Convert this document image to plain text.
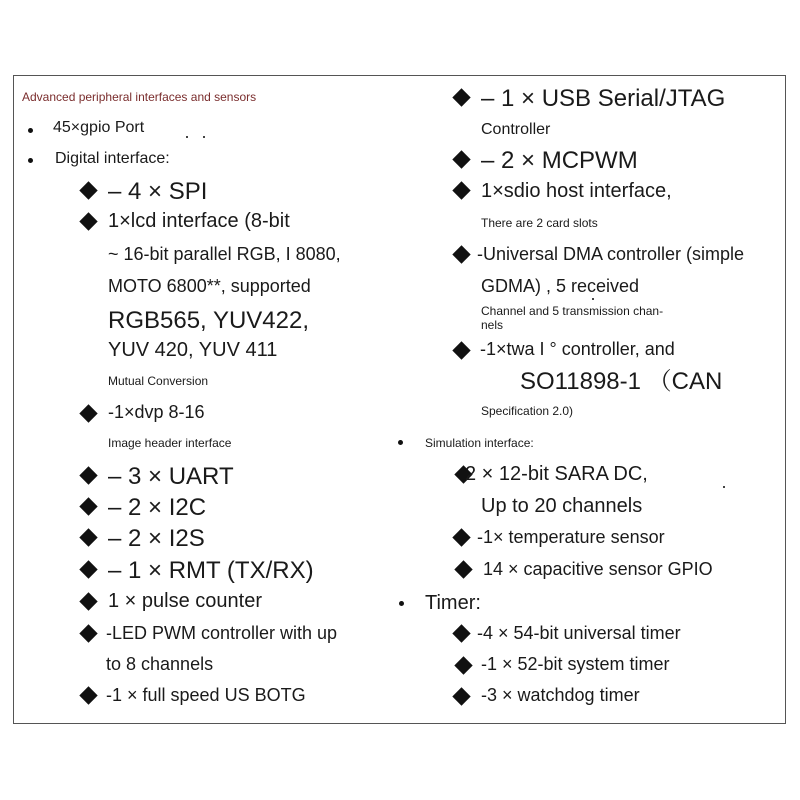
Advanced peripheral interfaces and sensors
45×gpio Port
Digital interface:
– 4 × SPI
1×lcd interface (8-bit
~ 16-bit parallel RGB, I 8080,
MOTO 6800**, supported
RGB565, YUV422,
YUV 420, YUV 411
Mutual Conversion
-1×dvp 8-16
Image header interface
– 3 × UART
– 2 × I2C
– 2 × I2S
– 1 × RMT (TX/RX)
1 × pulse counter
-LED PWM controller with up
to 8 channels
-1 × full speed US BOTG
– 1 × USB Serial/JTAG
Controller
– 2 × MCPWM
1×sdio host interface,
There are 2 card slots
-Universal DMA controller (simple
GDMA) , 5 received
Channel and 5 transmission chan-
nels
-1×twa I ° controller, and
SO11898-1 （CAN
Specification 2.0)
Simulation interface:
2 × 12-bit SARA DC,
Up to 20 channels
-1× temperature sensor
14 × capacitive sensor GPIO
Timer:
-4 × 54-bit universal timer
-1 × 52-bit system timer
-3 × watchdog timer
